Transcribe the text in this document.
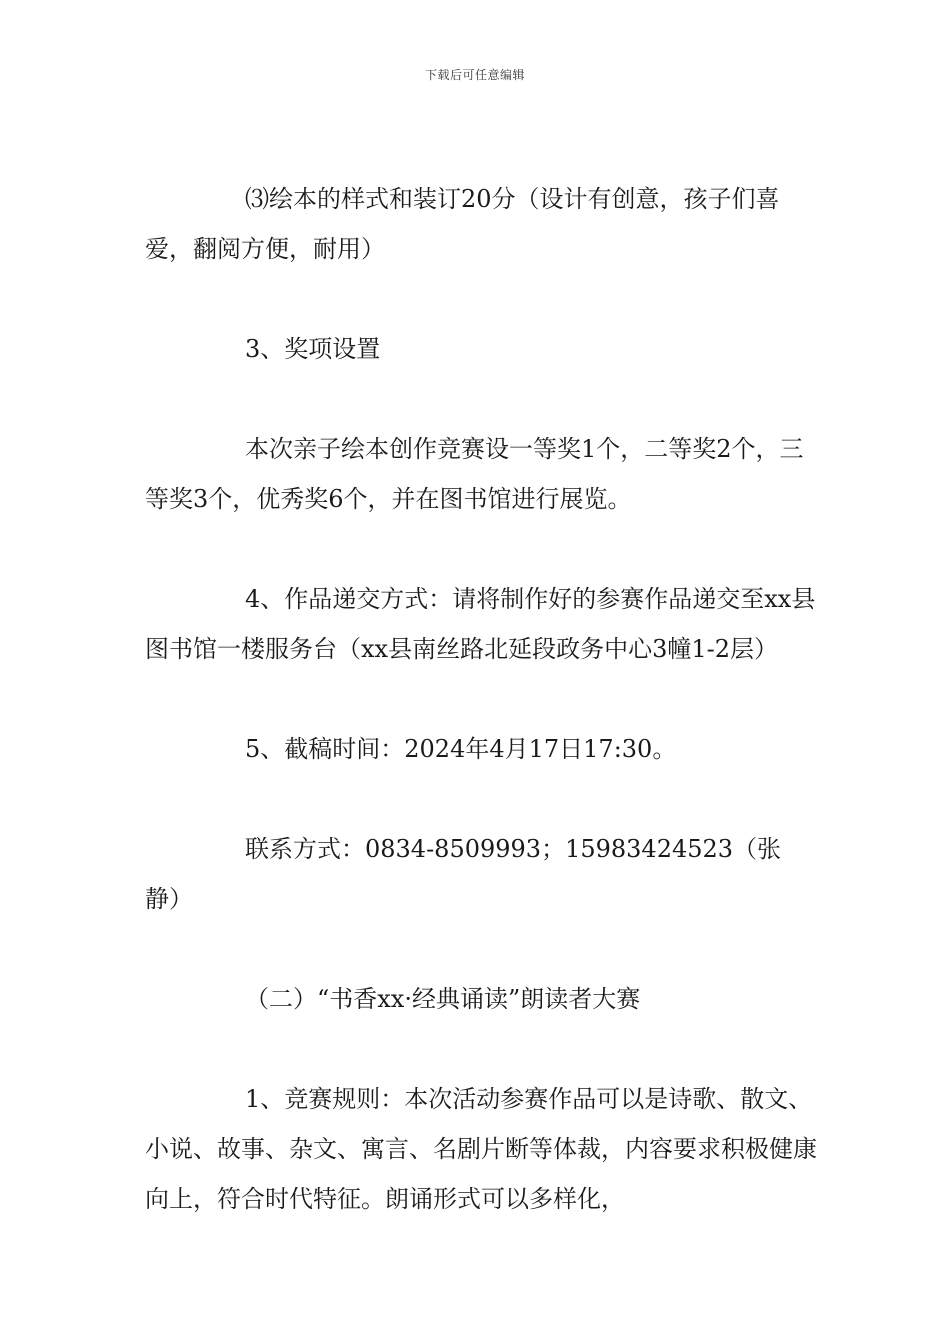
下载后可任意编辑

⑶绘本的样式和装订20分（设计有创意，孩子们喜爱，翻阅方便，耐用）

3、奖项设置

本次亲子绘本创作竞赛设一等奖1个，二等奖2个，三等奖3个，优秀奖6个，并在图书馆进行展览。

4、作品递交方式：请将制作好的参赛作品递交至xx县图书馆一楼服务台（xx县南丝路北延段政务中心3幢1-2层）

5、截稿时间：2024年4月17日17:30。

联系方式：0834-8509993；15983424523（张静）

（二）“书香xx·经典诵读”朗读者大赛

1、竞赛规则：本次活动参赛作品可以是诗歌、散文、小说、故事、杂文、寓言、名剧片断等体裁，内容要求积极健康向上，符合时代特征。朗诵形式可以多样化，
